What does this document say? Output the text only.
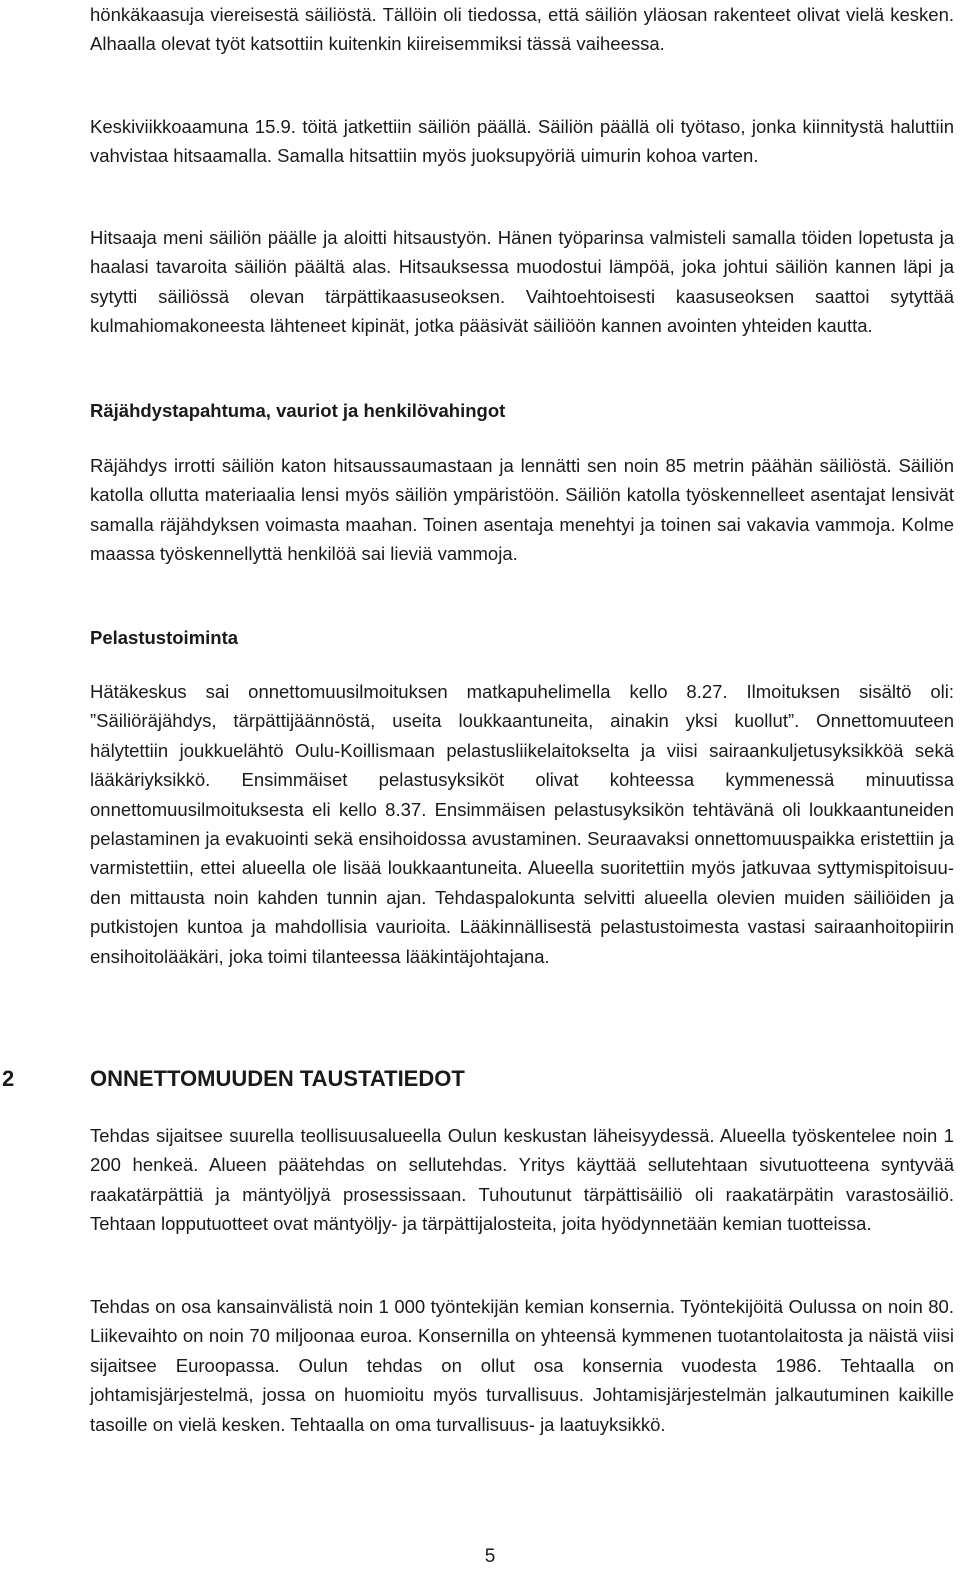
hönkäkaasuja viereisestä säiliöstä. Tällöin oli tiedossa, että säiliön yläosan rakenteet olivat vielä kesken. Alhaalla olevat työt katsottiin kuitenkin kiireisemmiksi tässä vaiheessa.

Keskiviikkoaamuna 15.9. töitä jatkettiin säiliön päällä. Säiliön päällä oli työtaso, jonka kiinnitystä haluttiin vahvistaa hitsaamalla. Samalla hitsattiin myös juoksupyöriä uimurin kohoa varten.

Hitsaaja meni säiliön päälle ja aloitti hitsaustyön. Hänen työparinsa valmisteli samalla töiden lopetusta ja haalasi tavaroita säiliön päältä alas. Hitsauksessa muodostui lämpöä, joka johtui säiliön kannen läpi ja sytytti säiliössä olevan tärpättikaasuseoksen. Vaihtoehtoisesti kaasuseoksen saattoi sytyttää kulmahiomakoneesta lähteneet kipinät, jotka pääsivät säiliöön kannen avointen yhteiden kautta.

Räjähdystapahtuma, vauriot ja henkilövahingot

Räjähdys irrotti säiliön katon hitsaussaumastaan ja lennätti sen noin 85 metrin päähän säiliöstä. Säiliön katolla ollutta materiaalia lensi myös säiliön ympäristöön. Säiliön katolla työskennelleet asentajat lensivät samalla räjähdyksen voimasta maahan. Toinen asentaja menehtyi ja toinen sai vakavia vammoja. Kolme maassa työskennellyttä henkilöä sai lieviä vammoja.

Pelastustoiminta

Hätäkeskus sai onnettomuusilmoituksen matkapuhelimella kello 8.27. Ilmoituksen sisältö oli: ”Säiliöräjähdys, tärpättijäännöstä, useita loukkaantuneita, ainakin yksi kuollut”. Onnettomuuteen hälytettiin joukkuelähtö Oulu-Koillismaan pelastusliikelaitokselta ja viisi sairaankuljetusyksikköä sekä lääkäriyksikkö. Ensimmäiset pelastusyksiköt olivat kohteessa kymmenessä minuutissa onnettomuusilmoituksesta eli kello 8.37. Ensimmäisen pelastusyksikön tehtävänä oli loukkaantuneiden pelastaminen ja evakuointi sekä ensihoidossa avustaminen. Seuraavaksi onnettomuuspaikka eristettiin ja varmistettiin, ettei alueella ole lisää loukkaantuneita. Alueella suoritettiin myös jatkuvaa syttymispitoisuuden mittausta noin kahden tunnin ajan. Tehdaspalokunta selvitti alueella olevien muiden säiliöiden ja putkistojen kuntoa ja mahdollisia vaurioita. Lääkinnällisestä pelastustoimesta vastasi sairaanhoitopiirin ensihoitolääkäri, joka toimi tilanteessa lääkintäjohtajana.

2	ONNETTOMUUDEN TAUSTATIEDOT

Tehdas sijaitsee suurella teollisuusalueella Oulun keskustan läheisyydessä. Alueella työskentelee noin 1 200 henkeä. Alueen päätehdas on sellutehdas. Yritys käyttää sellutehtaan sivutuotteena syntyvää raakatärpättiä ja mäntyöljyä prosessissaan. Tuhoutunut tärpättisäiliö oli raakatärpätin varastosäiliö. Tehtaan lopputuotteet ovat mäntyöljy- ja tärpättijalosteita, joita hyödynnetään kemian tuotteissa.

Tehdas on osa kansainvälistä noin 1 000 työntekijän kemian konsernia. Työntekijöitä Oulussa on noin 80. Liikevaihto on noin 70 miljoonaa euroa. Konsernilla on yhteensä kymmenen tuotantolaitosta ja näistä viisi sijaitsee Euroopassa. Oulun tehdas on ollut osa konsernia vuodesta 1986. Tehtaalla on johtamisjärjestelmä, jossa on huomioitu myös turvallisuus. Johtamisjärjestelmän jalkautuminen kaikille tasoille on vielä kesken. Tehtaalla on oma turvallisuus- ja laatuyksikkö.

5
